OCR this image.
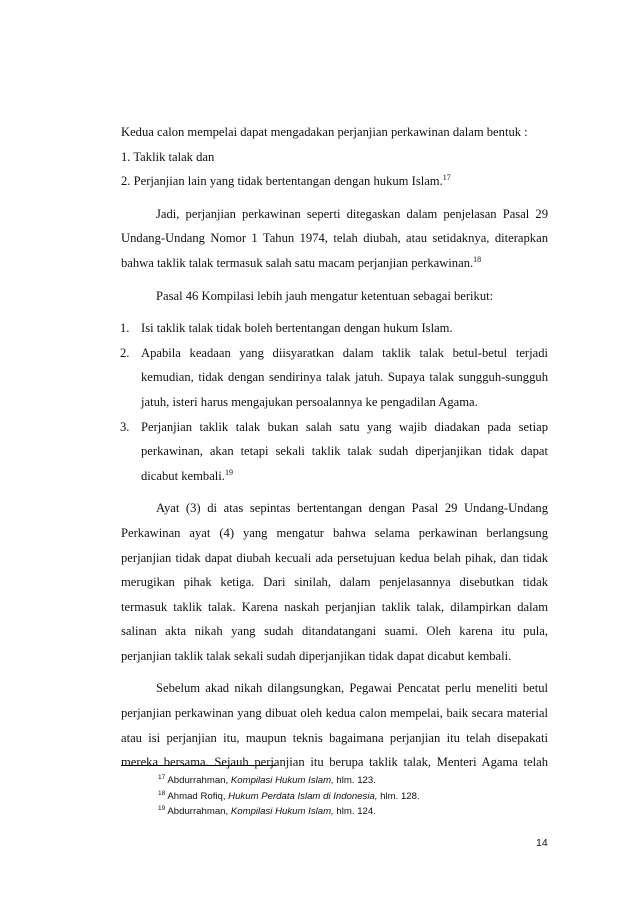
Kedua calon mempelai dapat mengadakan perjanjian perkawinan dalam bentuk :
1. Taklik talak dan
2. Perjanjian lain yang tidak bertentangan dengan hukum Islam.$^{17}$
Jadi, perjanjian perkawinan seperti ditegaskan dalam penjelasan Pasal 29
Undang-Undang Nomor 1 Tahun 1974, telah diubah, atau setidaknya, diterapkan
bahwa taklik talak termasuk salah satu macam perjanjian perkawinan.$^{18}$
Pasal 46 Kompilasi lebih jauh mengatur ketentuan sebagai berikut:
1. Isi taklik talak tidak boleh bertentangan dengan hukum Islam.
2. Apabila keadaan yang diisyaratkan dalam taklik talak betul-betul terjadi
kemudian, tidak dengan sendirinya talak jatuh. Supaya talak sungguh-sungguh
jatuh, isteri harus mengajukan persoalannya ke pengadilan Agama.
3. Perjanjian taklik talak bukan salah satu yang wajib diadakan pada setiap
perkawinan, akan tetapi sekali taklik talak sudah diperjanjikan tidak dapat
dicabut kembali.$^{19}$
Ayat (3) di atas sepintas bertentangan dengan Pasal 29 Undang-Undang
Perkawinan ayat (4) yang mengatur bahwa selama perkawinan berlangsung
perjanjian tidak dapat diubah kecuali ada persetujuan kedua belah pihak, dan tidak
merugikan pihak ketiga. Dari sinilah, dalam penjelasannya disebutkan tidak
termasuk taklik talak. Karena naskah perjanjian taklik talak, dilampirkan dalam
salinan akta nikah yang sudah ditandatangani suami. Oleh karena itu pula,
perjanjian taklik talak sekali sudah diperjanjikan tidak dapat dicabut kembali.
Sebelum akad nikah dilangsungkan, Pegawai Pencatat perlu meneliti betul
perjanjian perkawinan yang dibuat oleh kedua calon mempelai, baik secara material
atau isi perjanjian itu, maupun teknis bagaimana perjanjian itu telah disepakati
mereka bersama. Sejauh perjanjian itu berupa taklik talak, Menteri Agama telah
$^{17}$ Abdurrahman, Kompilasi Hukum Islam, hlm. 123.
$^{18}$ Ahmad Rofiq, Hukum Perdata Islam di Indonesia, hlm. 128.
$^{19}$ Abdurrahman, Kompilasi Hukum Islam, hlm. 124.
14
